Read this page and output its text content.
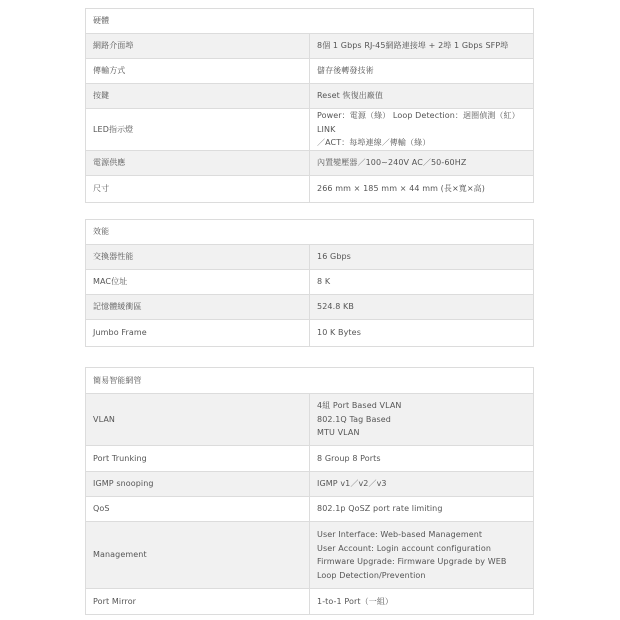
硬體	
網路介面埠	8個 1 Gbps RJ-45網路連接埠 + 2埠 1 Gbps SFP埠

傳輸方式	儲存後轉發技術

按鍵	Reset 恢復出廠值

LED指示燈	Power：電源（綠） Loop Detection：迴圈偵測（紅） LINK
／ACT：每埠連線／傳輸（綠）

電源供應	內置變壓器／100~240V AC／50-60HZ

尺寸	266 mm × 185 mm × 44 mm (長×寬×高)
效能	
交換器性能	16 Gbps

MAC位址	8 K

記憶體緩衝區	524.8 KB

Jumbo Frame	10 K Bytes
簡易智能網管	
VLAN	4組 Port Based VLAN
802.1Q Tag Based
MTU VLAN

Port Trunking	8 Group 8 Ports

IGMP snooping	IGMP v1／v2／v3

QoS	802.1p QoSZ port rate limiting

Management	User Interface: Web-based Management
User Account: Login account configuration
Firmware Upgrade: Firmware Upgrade by WEB
Loop Detection/Prevention

Port Mirror	1-to-1 Port（一組）
